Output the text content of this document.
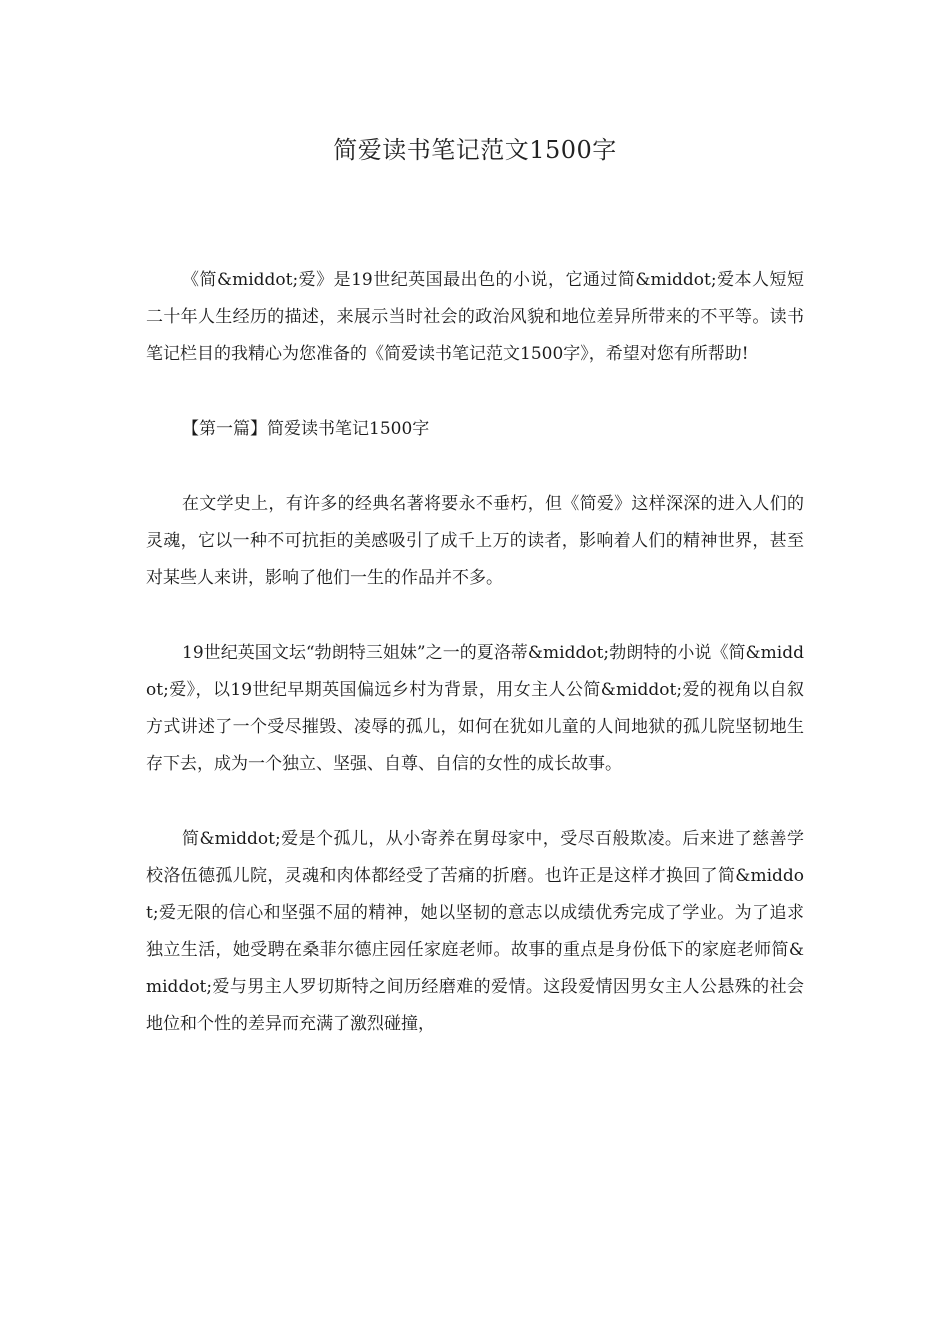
简爱读书笔记范文1500字

《简&middot;爱》是19世纪英国最出色的小说，它通过简&middot;爱本人短短二十年人生经历的描述，来展示当时社会的政治风貌和地位差异所带来的不平等。读书笔记栏目的我精心为您准备的《简爱读书笔记范文1500字》，希望对您有所帮助!

【第一篇】简爱读书笔记1500字

在文学史上，有许多的经典名著将要永不垂朽，但《简爱》这样深深的进入人们的灵魂，它以一种不可抗拒的美感吸引了成千上万的读者，影响着人们的精神世界，甚至对某些人来讲，影响了他们一生的作品并不多。

19世纪英国文坛“勃朗特三姐妹”之一的夏洛蒂&middot;勃朗特的小说《简&middot;爱》，以19世纪早期英国偏远乡村为背景，用女主人公简&middot;爱的视角以自叙方式讲述了一个受尽摧毁、凌辱的孤儿，如何在犹如儿童的人间地狱的孤儿院坚韧地生存下去，成为一个独立、坚强、自尊、自信的女性的成长故事。

简&middot;爱是个孤儿，从小寄养在舅母家中，受尽百般欺凌。后来进了慈善学校洛伍德孤儿院，灵魂和肉体都经受了苦痛的折磨。也许正是这样才换回了简&middot;爱无限的信心和坚强不屈的精神，她以坚韧的意志以成绩优秀完成了学业。为了追求独立生活，她受聘在桑菲尔德庄园任家庭老师。故事的重点是身份低下的家庭老师简&middot;爱与男主人罗切斯特之间历经磨难的爱情。这段爱情因男女主人公悬殊的社会地位和个性的差异而充满了激烈碰撞，
